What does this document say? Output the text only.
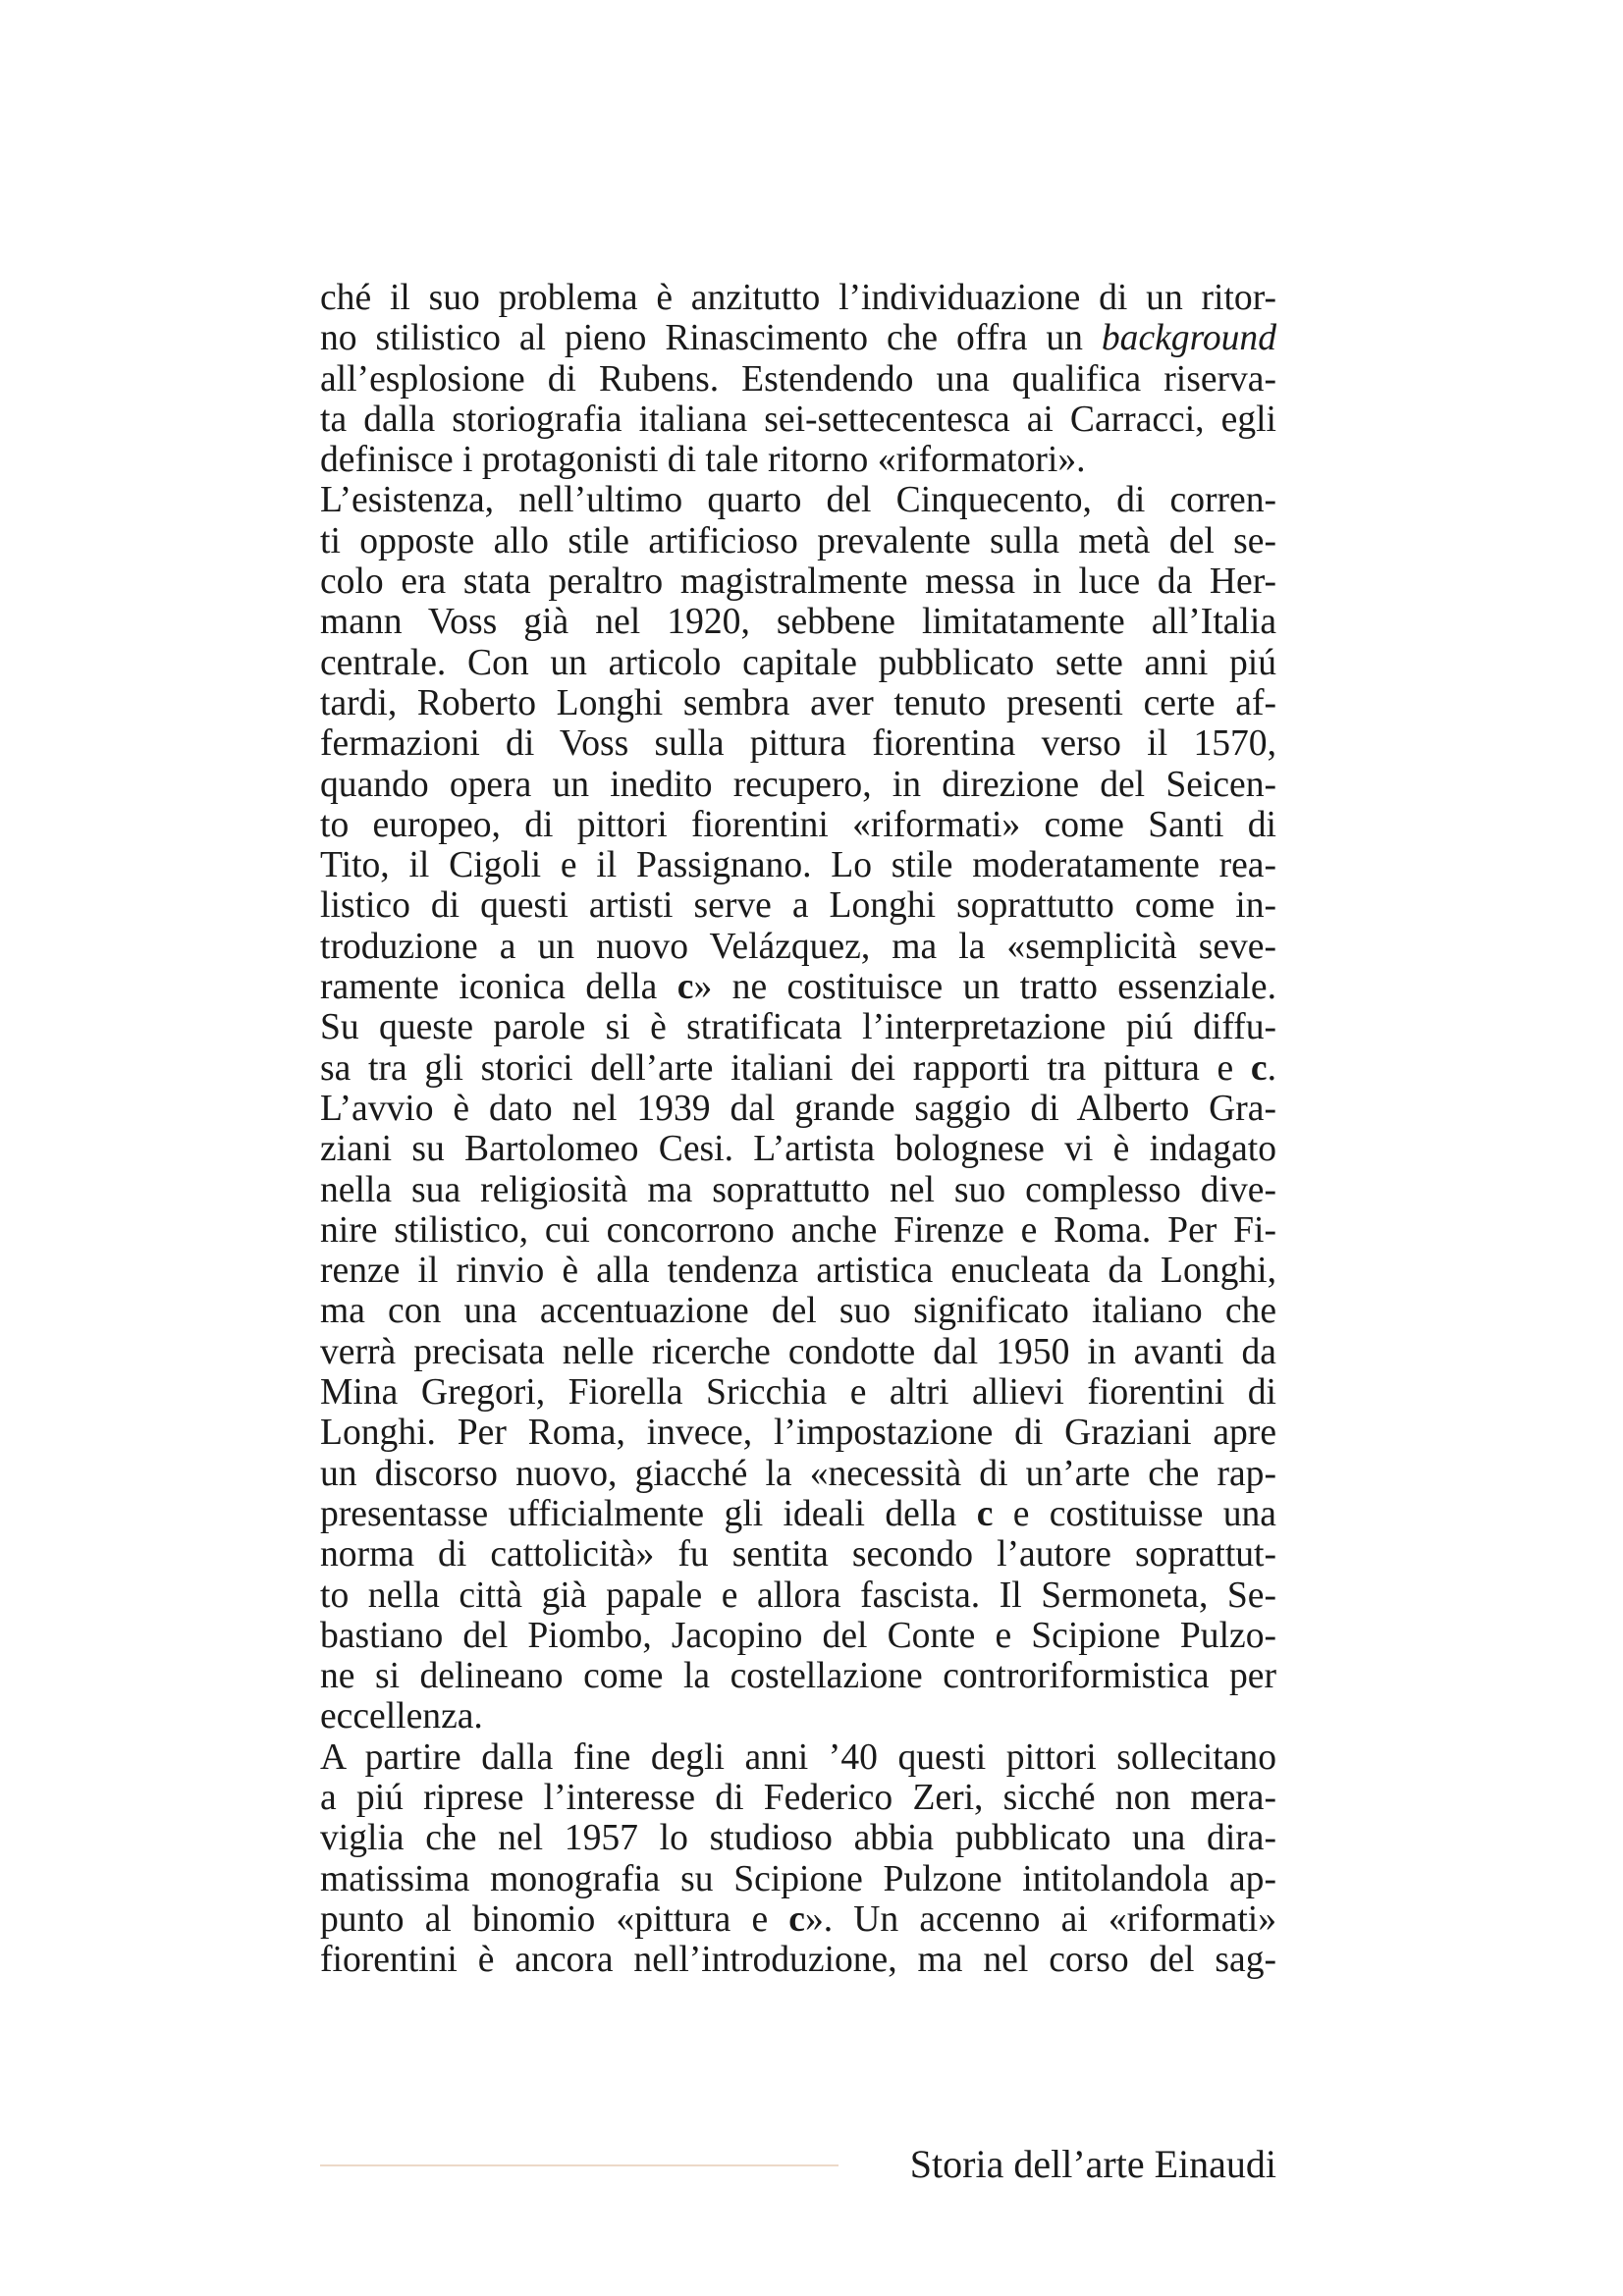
ché il suo problema è anzitutto l’individuazione di un ritor-
no stilistico al pieno Rinascimento che offra un background
all’esplosione di Rubens. Estendendo una qualifica riserva-
ta dalla storiografia italiana sei-settecentesca ai Carracci, egli
definisce i protagonisti di tale ritorno «riformatori».
L’esistenza, nell’ultimo quarto del Cinquecento, di corren-
ti opposte allo stile artificioso prevalente sulla metà del se-
colo era stata peraltro magistralmente messa in luce da Her-
mann Voss già nel 1920, sebbene limitatamente all’Italia
centrale. Con un articolo capitale pubblicato sette anni piú
tardi, Roberto Longhi sembra aver tenuto presenti certe af-
fermazioni di Voss sulla pittura fiorentina verso il 1570,
quando opera un inedito recupero, in direzione del Seicen-
to europeo, di pittori fiorentini «riformati» come Santi di
Tito, il Cigoli e il Passignano. Lo stile moderatamente rea-
listico di questi artisti serve a Longhi soprattutto come in-
troduzione a un nuovo Velázquez, ma la «semplicità seve-
ramente iconica della c» ne costituisce un tratto essenziale.
Su queste parole si è stratificata l’interpretazione piú diffu-
sa tra gli storici dell’arte italiani dei rapporti tra pittura e c.
L’avvio è dato nel 1939 dal grande saggio di Alberto Gra-
ziani su Bartolomeo Cesi. L’artista bolognese vi è indagato
nella sua religiosità ma soprattutto nel suo complesso dive-
nire stilistico, cui concorrono anche Firenze e Roma. Per Fi-
renze il rinvio è alla tendenza artistica enucleata da Longhi,
ma con una accentuazione del suo significato italiano che
verrà precisata nelle ricerche condotte dal 1950 in avanti da
Mina Gregori, Fiorella Sricchia e altri allievi fiorentini di
Longhi. Per Roma, invece, l’impostazione di Graziani apre
un discorso nuovo, giacché la «necessità di un’arte che rap-
presentasse ufficialmente gli ideali della c e costituisse una
norma di cattolicità» fu sentita secondo l’autore soprattut-
to nella città già papale e allora fascista. Il Sermoneta, Se-
bastiano del Piombo, Jacopino del Conte e Scipione Pulzo-
ne si delineano come la costellazione controriformistica per
eccellenza.
A partire dalla fine degli anni ’40 questi pittori sollecitano
a piú riprese l’interesse di Federico Zeri, sicché non mera-
viglia che nel 1957 lo studioso abbia pubblicato una dira-
matissima monografia su Scipione Pulzone intitolandola ap-
punto al binomio «pittura e c». Un accenno ai «riformati»
fiorentini è ancora nell’introduzione, ma nel corso del sag-
Storia dell’arte Einaudi
